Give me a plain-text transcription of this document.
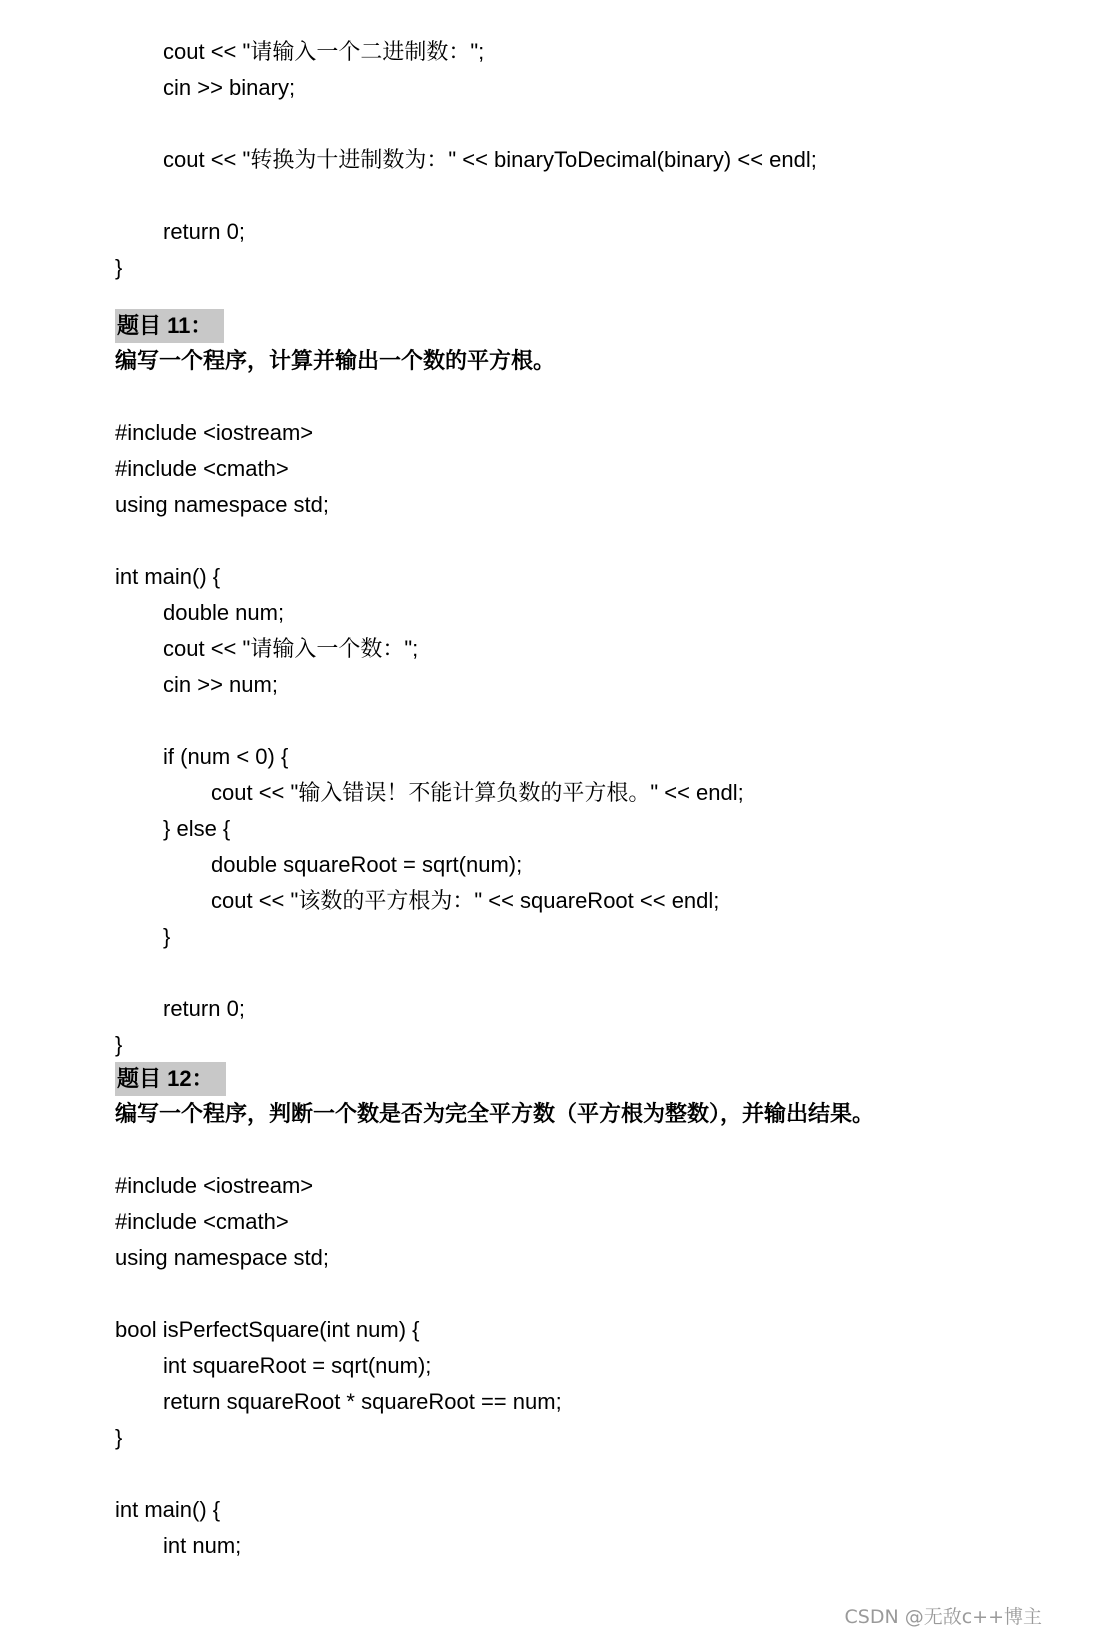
cout << "请输入一个二进制数：";
cin >> binary;
cout << "转换为十进制数为：" << binaryToDecimal(binary) << endl;
return 0;
}
题目 11：
编写一个程序，计算并输出一个数的平方根。
#include <iostream>
#include <cmath>
using namespace std;
int main() {
double num;
cout << "请输入一个数：";
cin >> num;
if (num < 0) {
cout << "输入错误！不能计算负数的平方根。" << endl;
} else {
double squareRoot = sqrt(num);
cout << "该数的平方根为：" << squareRoot << endl;
}
return 0;
}
题目 12：
编写一个程序，判断一个数是否为完全平方数（平方根为整数），并输出结果。
#include <iostream>
#include <cmath>
using namespace std;
bool isPerfectSquare(int num) {
int squareRoot = sqrt(num);
return squareRoot * squareRoot == num;
}
int main() {
int num;
CSDN @无敌c++博主
